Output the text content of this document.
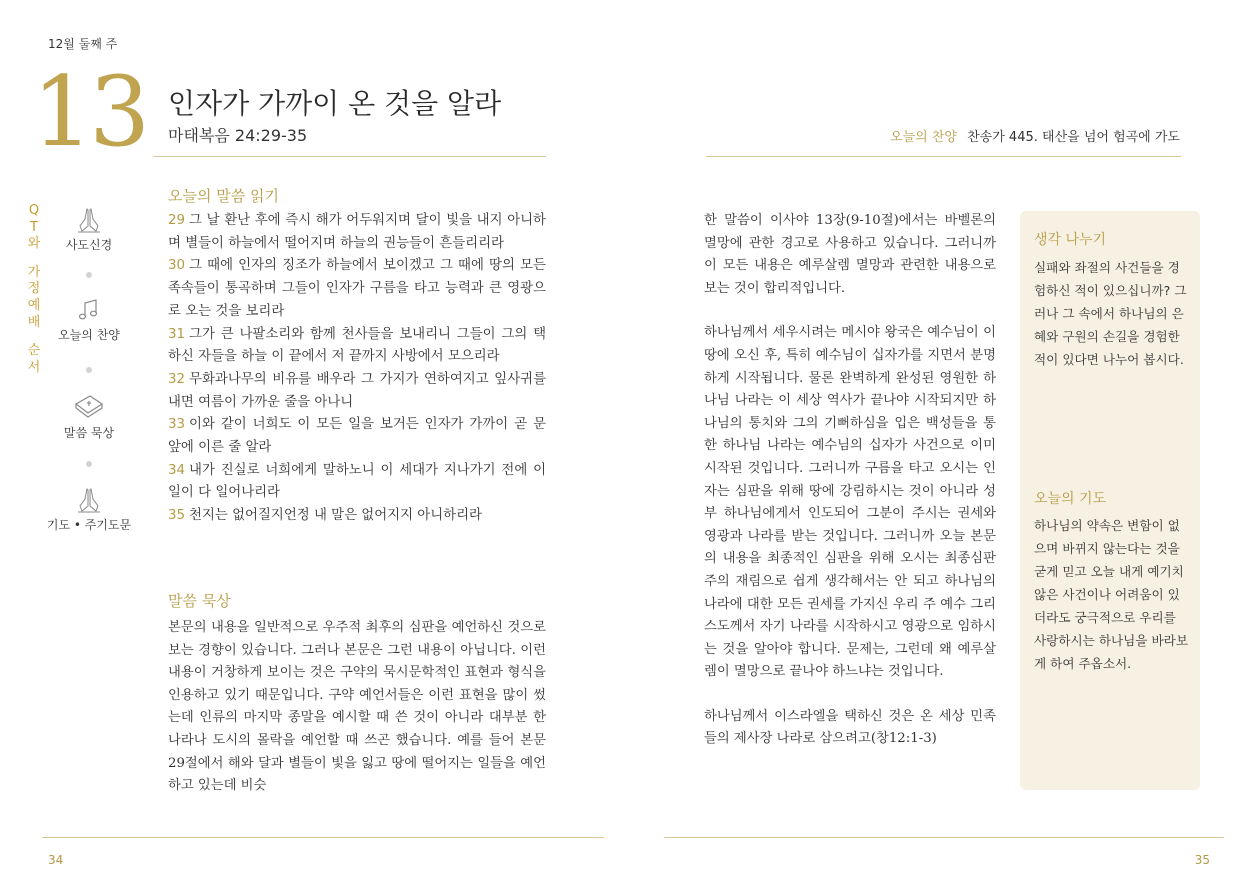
12월 둘째 주
13 인자가 가까이 온 것을 알라
마태복음 24:29-35	오늘의 찬양 찬송가 445. 태산을 넘어 험곡에 가도
Q
T
와
가
정
예
배
순
서
사도신경
오늘의 찬양
말씀 묵상
기도 • 주기도문
오늘의 말씀 읽기
29 그 날 환난 후에 즉시 해가 어두워지며 달이 빛을 내지 아니하며 별들이 하늘에서 떨어지며 하늘의 권능들이 흔들리리라
30 그 때에 인자의 징조가 하늘에서 보이겠고 그 때에 땅의 모든 족속들이 통곡하며 그들이 인자가 구름을 타고 능력과 큰 영광으로 오는 것을 보리라
31 그가 큰 나팔소리와 함께 천사들을 보내리니 그들이 그의 택하신 자들을 하늘 이 끝에서 저 끝까지 사방에서 모으리라
32 무화과나무의 비유를 배우라 그 가지가 연하여지고 잎사귀를 내면 여름이 가까운 줄을 아나니
33 이와 같이 너희도 이 모든 일을 보거든 인자가 가까이 곧 문 앞에 이른 줄 알라
34 내가 진실로 너희에게 말하노니 이 세대가 지나가기 전에 이 일이 다 일어나리라
35 천지는 없어질지언정 내 말은 없어지지 아니하리라
말씀 묵상
본문의 내용을 일반적으로 우주적 최후의 심판을 예언하신 것으로 보는 경향이 있습니다. 그러나 본문은 그런 내용이 아닙니다. 이런 내용이 거창하게 보이는 것은 구약의 묵시문학적인 표현과 형식을 인용하고 있기 때문입니다. 구약 예언서들은 이런 표현을 많이 썼는데 인류의 마지막 종말을 예시할 때 쓴 것이 아니라 대부분 한 나라나 도시의 몰락을 예언할 때 쓰곤 했습니다. 예를 들어 본문 29절에서 해와 달과 별들이 빛을 잃고 땅에 떨어지는 일들을 예언하고 있는데 비슷

한 말씀이 이사야 13장(9-10절)에서는 바벨론의 멸망에 관한 경고로 사용하고 있습니다. 그러니까 이 모든 내용은 예루살렘 멸망과 관련한 내용으로 보는 것이 합리적입니다.

하나님께서 세우시려는 메시야 왕국은 예수님이 이땅에 오신 후, 특히 예수님이 십자가를 지면서 분명하게 시작됩니다. 물론 완벽하게 완성된 영원한 하나님 나라는 이 세상 역사가 끝나야 시작되지만 하나님의 통치와 그의 기뻐하심을 입은 백성들을 통한 하나님 나라는 예수님의 십자가 사건으로 이미 시작된 것입니다. 그러니까 구름을 타고 오시는 인자는 심판을 위해 땅에 강림하시는 것이 아니라 성부 하나님에게서 인도되어 그분이 주시는 권세와 영광과 나라를 받는 것입니다. 그러니까 오늘 본문의 내용을 최종적인 심판을 위해 오시는 최종심판주의 재림으로 쉽게 생각해서는 안 되고 하나님의 나라에 대한 모든 권세를 가지신 우리 주 예수 그리스도께서 자기 나라를 시작하시고 영광으로 임하시는 것을 알아야 합니다. 문제는, 그런데 왜 예루살렘이 멸망으로 끝나야 하느냐는 것입니다.

하나님께서 이스라엘을 택하신 것은 온 세상 민족들의 제사장 나라로 삼으려고(창12:1-3)

생각 나누기
실패와 좌절의 사건들을 경험하신 적이 있으십니까? 그러나 그 속에서 하나님의 은혜와 구원의 손길을 경험한 적이 있다면 나누어 봅시다.
오늘의 기도
하나님의 약속은 변함이 없으며 바뀌지 않는다는 것을 굳게 믿고 오늘 내게 예기치 않은 사건이나 어려움이 있더라도 궁극적으로 우리를 사랑하시는 하나님을 바라보게 하여 주옵소서.
34	35
